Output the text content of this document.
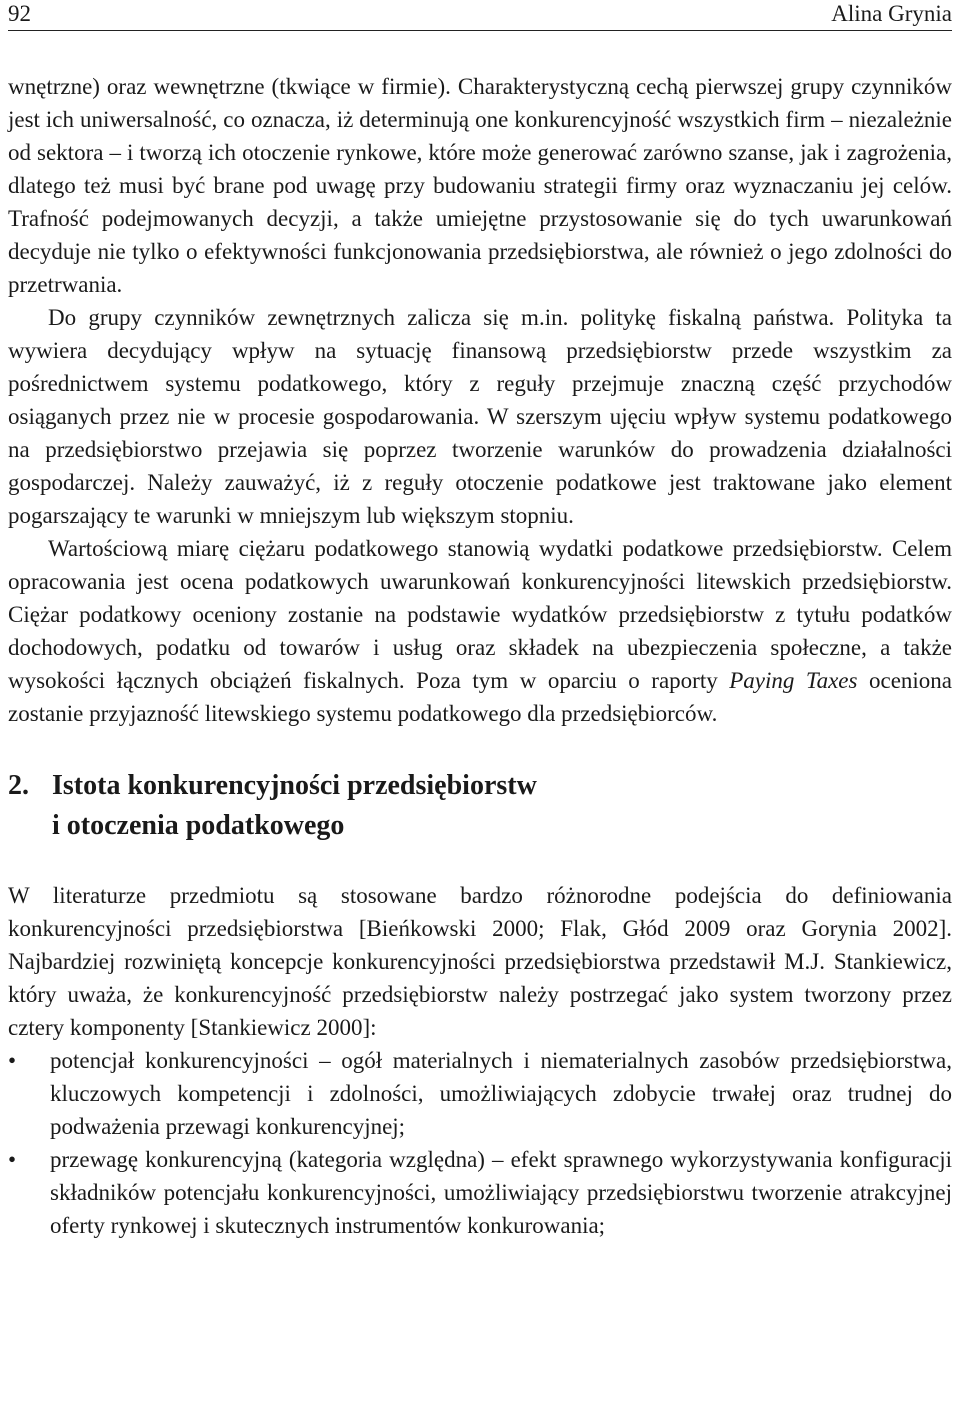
92	Alina Grynia

wnętrzne) oraz wewnętrzne (tkwiące w firmie). Charakterystyczną cechą pierwszej grupy czynników jest ich uniwersalność, co oznacza, iż determinują one konkurencyjność wszystkich firm – niezależnie od sektora – i tworzą ich otoczenie rynkowe, które może generować zarówno szanse, jak i zagrożenia, dlatego też musi być brane pod uwagę przy budowaniu strategii firmy oraz wyznaczaniu jej celów. Trafność podejmowanych decyzji, a także umiejętne przystosowanie się do tych uwarunkowań decyduje nie tylko o efektywności funkcjonowania przedsiębiorstwa, ale również o jego zdolności do przetrwania.

Do grupy czynników zewnętrznych zalicza się m.in. politykę fiskalną państwa. Polityka ta wywiera decydujący wpływ na sytuację finansową przedsiębiorstw przede wszystkim za pośrednictwem systemu podatkowego, który z reguły przejmuje znaczną część przychodów osiąganych przez nie w procesie gospodarowania. W szerszym ujęciu wpływ systemu podatkowego na przedsiębiorstwo przejawia się poprzez tworzenie warunków do prowadzenia działalności gospodarczej. Należy zauważyć, iż z reguły otoczenie podatkowe jest traktowane jako element pogarszający te warunki w mniejszym lub większym stopniu.

Wartościową miarę ciężaru podatkowego stanowią wydatki podatkowe przedsiębiorstw. Celem opracowania jest ocena podatkowych uwarunkowań konkurencyjności litewskich przedsiębiorstw. Ciężar podatkowy oceniony zostanie na podstawie wydatków przedsiębiorstw z tytułu podatków dochodowych, podatku od towarów i usług oraz składek na ubezpieczenia społeczne, a także wysokości łącznych obciążeń fiskalnych. Poza tym w oparciu o raporty Paying Taxes oceniona zostanie przyjazność litewskiego systemu podatkowego dla przedsiębiorców.

2. Istota konkurencyjności przedsiębiorstw
i otoczenia podatkowego

W literaturze przedmiotu są stosowane bardzo różnorodne podejścia do definiowania konkurencyjności przedsiębiorstwa [Bieńkowski 2000; Flak, Głód 2009 oraz Gorynia 2002]. Najbardziej rozwiniętą koncepcje konkurencyjności przedsiębiorstwa przedstawił M.J. Stankiewicz, który uważa, że konkurencyjność przedsiębiorstw należy postrzegać jako system tworzony przez cztery komponenty [Stankiewicz 2000]:

• potencjał konkurencyjności – ogół materialnych i niematerialnych zasobów przedsiębiorstwa, kluczowych kompetencji i zdolności, umożliwiających zdobycie trwałej oraz trudnej do podważenia przewagi konkurencyjnej;
• przewagę konkurencyjną (kategoria względna) – efekt sprawnego wykorzystywania konfiguracji składników potencjału konkurencyjności, umożliwiający przedsiębiorstwu tworzenie atrakcyjnej oferty rynkowej i skutecznych instrumentów konkurowania;
